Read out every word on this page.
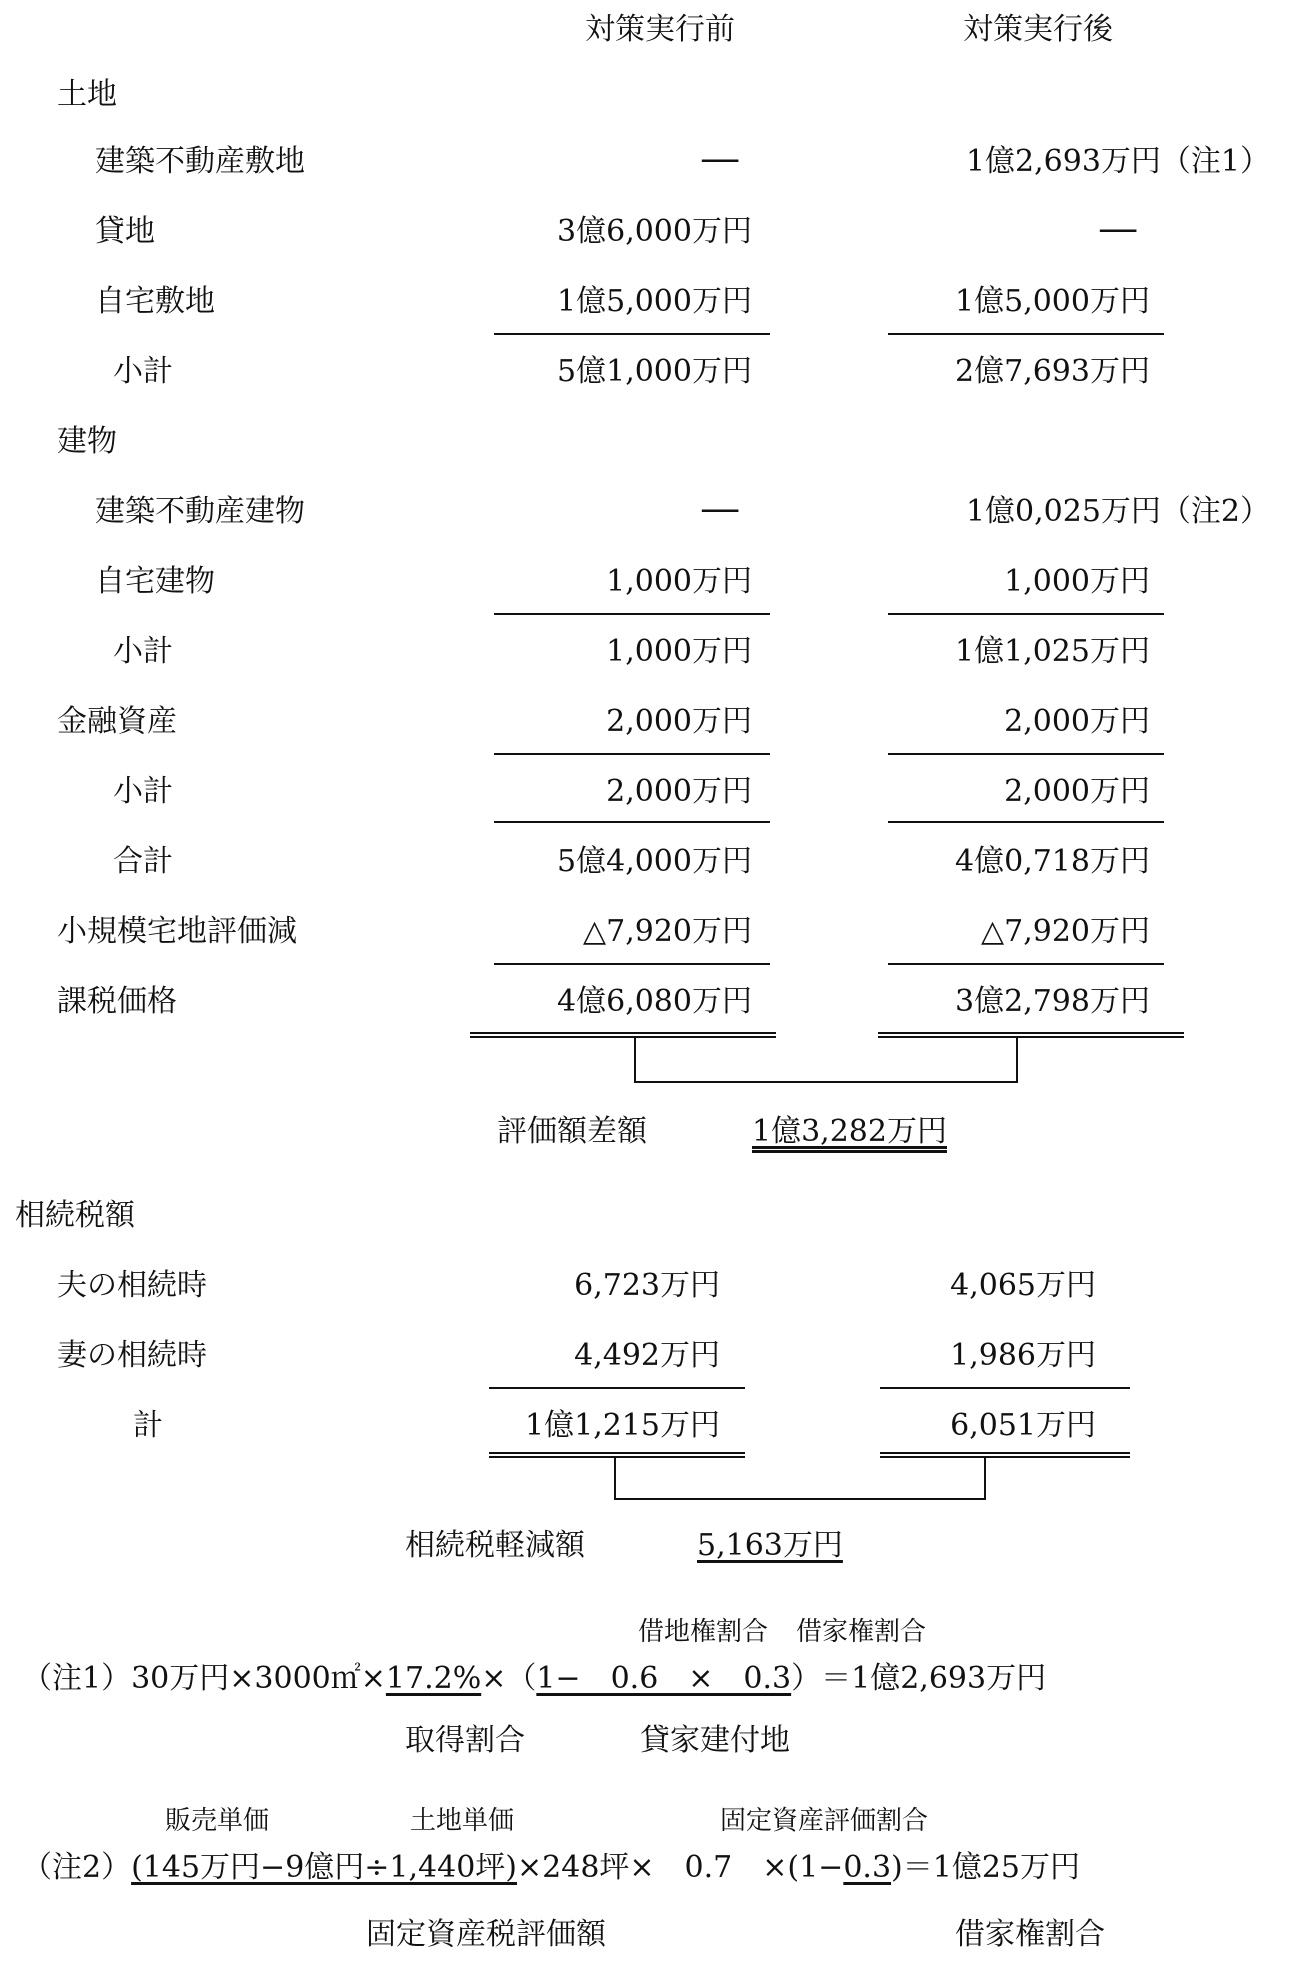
対策実行前	対策実行後
土地
建築不動産敷地	──	1億2,693万円（注1）
貸地	3億6,000万円	──
自宅敷地	1億5,000万円	1億5,000万円
小計	5億1,000万円	2億7,693万円
建物
建築不動産建物	──	1億0,025万円（注2）
自宅建物	1,000万円	1,000万円
小計	1,000万円	1億1,025万円
金融資産	2,000万円	2,000万円
小計	2,000万円	2,000万円
合計	5億4,000万円	4億0,718万円
小規模宅地評価減	△7,920万円	△7,920万円
課税価格	4億6,080万円	3億2,798万円
評価額差額	1億3,282万円
相続税額
夫の相続時	6,723万円	4,065万円
妻の相続時	4,492万円	1,986万円
計	1億1,215万円	6,051万円
相続税軽減額	5,163万円
借地権割合 借家権割合
（注1）30万円×3000㎡×17.2%×（1−　0.6　×　0.3）＝1億2,693万円
取得割合	貸家建付地
販売単価	土地単価	固定資産評価割合
（注2）(145万円−9億円÷1,440坪)×248坪×　0.7　×(1−0.3)＝1億25万円
固定資産税評価額	借家権割合
